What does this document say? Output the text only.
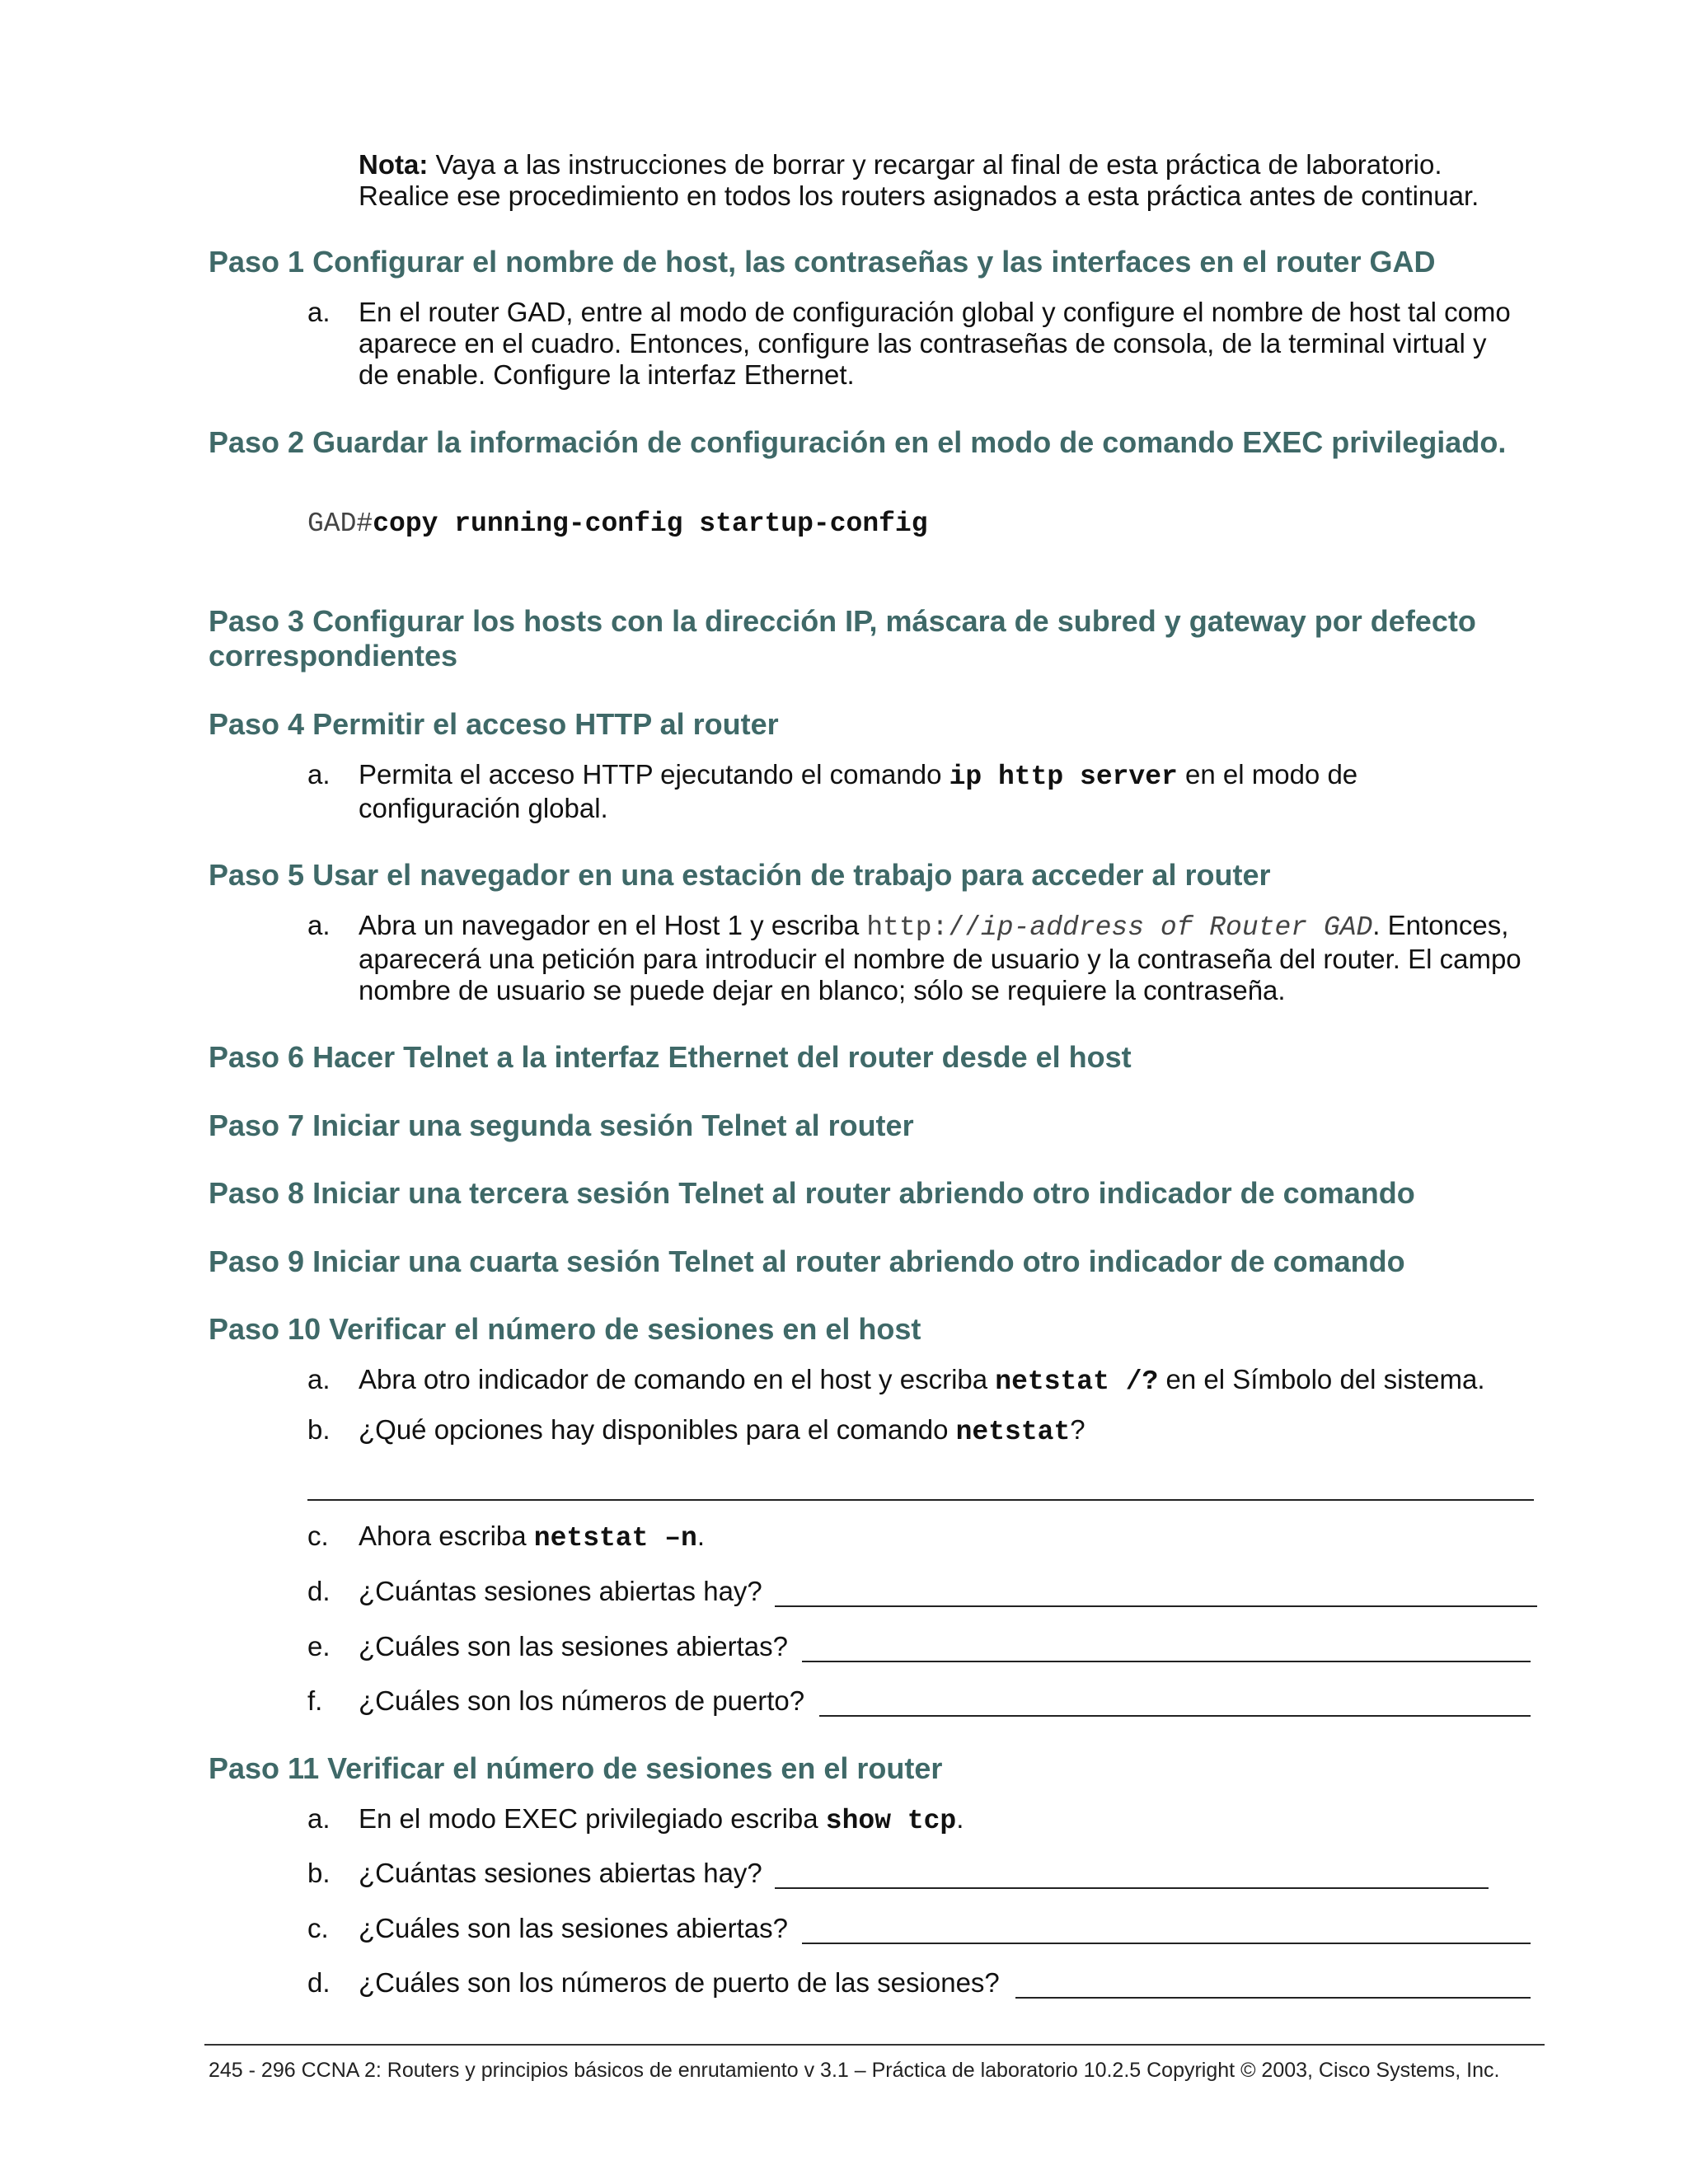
Nota: Vaya a las instrucciones de borrar y recargar al final de esta práctica de laboratorio.
Realice ese procedimiento en todos los routers asignados a esta práctica antes de continuar.
Paso 1 Configurar el nombre de host, las contraseñas y las interfaces en el router GAD
a. En el router GAD, entre al modo de configuración global y configure el nombre de host tal como
aparece en el cuadro. Entonces, configure las contraseñas de consola, de la terminal virtual y
de enable. Configure la interfaz Ethernet.
Paso 2 Guardar la información de configuración en el modo de comando EXEC privilegiado.
GAD#copy running-config startup-config
Paso 3 Configurar los hosts con la dirección IP, máscara de subred y gateway por defecto
correspondientes
Paso 4 Permitir el acceso HTTP al router
a. Permita el acceso HTTP ejecutando el comando ip http server en el modo de
configuración global.
Paso 5 Usar el navegador en una estación de trabajo para acceder al router
a. Abra un navegador en el Host 1 y escriba http://ip-address of Router GAD. Entonces,
aparecerá una petición para introducir el nombre de usuario y la contraseña del router. El campo
nombre de usuario se puede dejar en blanco; sólo se requiere la contraseña.
Paso 6 Hacer Telnet a la interfaz Ethernet del router desde el host
Paso 7 Iniciar una segunda sesión Telnet al router
Paso 8 Iniciar una tercera sesión Telnet al router abriendo otro indicador de comando
Paso 9 Iniciar una cuarta sesión Telnet al router abriendo otro indicador de comando
Paso 10 Verificar el número de sesiones en el host
a. Abra otro indicador de comando en el host y escriba netstat /? en el Símbolo del sistema.
b. ¿Qué opciones hay disponibles para el comando netstat?
c. Ahora escriba netstat –n.
d. ¿Cuántas sesiones abiertas hay?
e. ¿Cuáles son las sesiones abiertas?
f. ¿Cuáles son los números de puerto?
Paso 11 Verificar el número de sesiones en el router
a. En el modo EXEC privilegiado escriba show tcp.
b. ¿Cuántas sesiones abiertas hay?
c. ¿Cuáles son las sesiones abiertas?
d. ¿Cuáles son los números de puerto de las sesiones?
245 - 296 CCNA 2: Routers y principios básicos de enrutamiento v 3.1 – Práctica de laboratorio 10.2.5 Copyright © 2003, Cisco Systems, Inc.
